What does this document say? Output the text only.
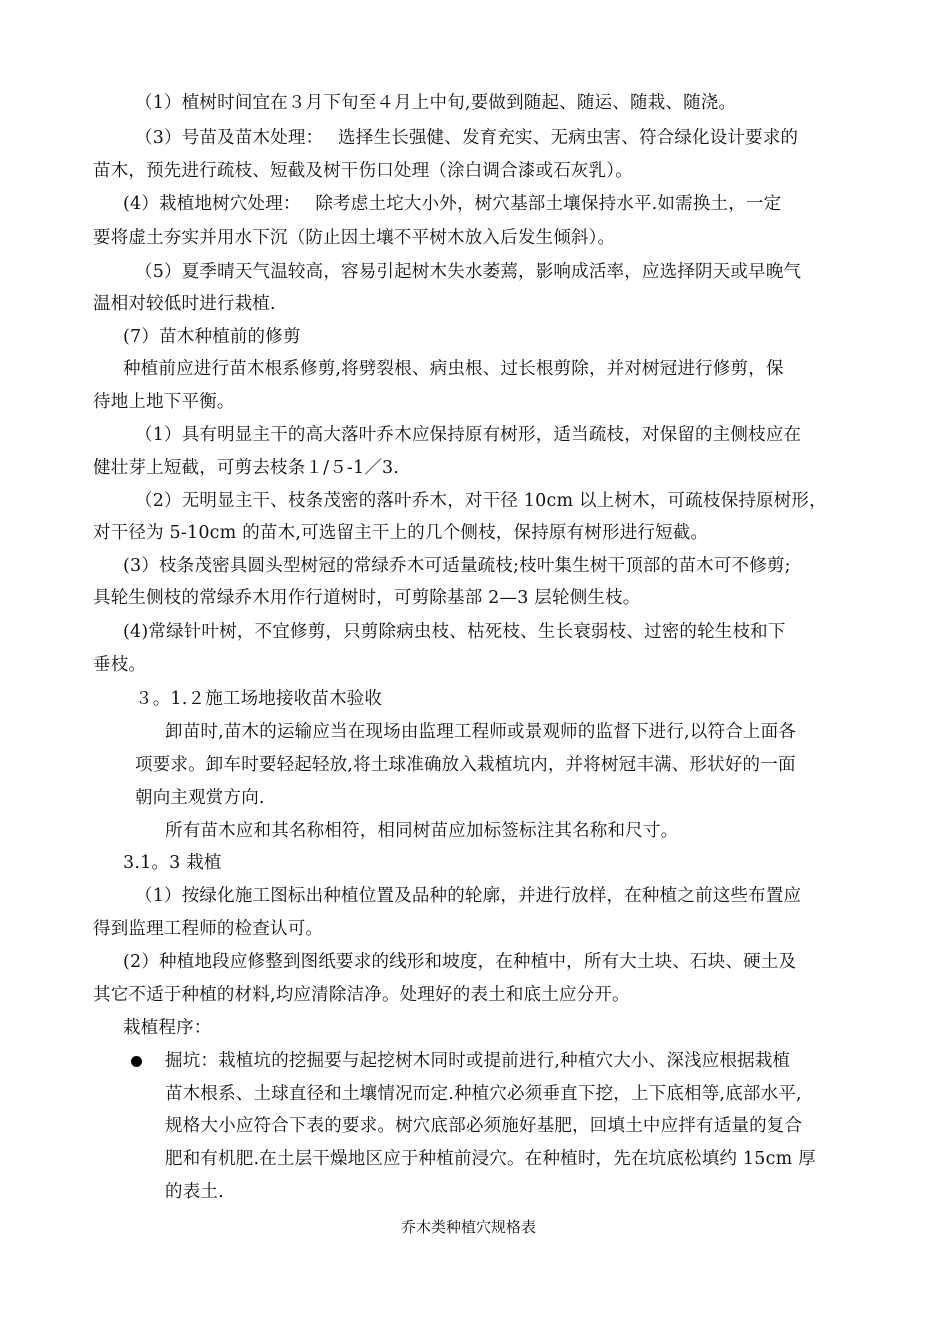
（1）植树时间宜在３月下旬至４月上中旬,要做到随起、随运、随栽、随浇。
（3）号苗及苗木处理：　 选择生长强健、发育充实、无病虫害、符合绿化设计要求的
苗木，预先进行疏枝、短截及树干伤口处理（涂白调合漆或石灰乳）。
(4）栽植地树穴处理：　 除考虑土坨大小外，树穴基部土壤保持水平.如需换土，一定
要将虚土夯实并用水下沉（防止因土壤不平树木放入后发生倾斜）。
（5）夏季晴天气温较高，容易引起树木失水萎蔫，影响成活率，应选择阴天或早晚气
温相对较低时进行栽植.
(7）苗木种植前的修剪
种植前应进行苗木根系修剪,将劈裂根、病虫根、过长根剪除，并对树冠进行修剪，保
待地上地下平衡。
（1）具有明显主干的高大落叶乔木应保持原有树形，适当疏枝，对保留的主侧枝应在
健壮芽上短截，可剪去枝条１/５-1／3.
（2）无明显主干、枝条茂密的落叶乔木，对干径 10cm 以上树木，可疏枝保持原树形，
对干径为 5-10cm 的苗木,可选留主干上的几个侧枝，保持原有树形进行短截。
(3）枝条茂密具圆头型树冠的常绿乔木可适量疏枝;枝叶集生树干顶部的苗木可不修剪;
具轮生侧枝的常绿乔木用作行道树时，可剪除基部 2—3 层轮侧生枝。
(4)常绿针叶树，不宜修剪，只剪除病虫枝、枯死枝、生长衰弱枝、过密的轮生枝和下
垂枝。
３。1.２施工场地接收苗木验收
卸苗时,苗木的运输应当在现场由监理工程师或景观师的监督下进行,以符合上面各
项要求。卸车时要轻起轻放,将土球准确放入栽植坑内，并将树冠丰满、形状好的一面
朝向主观赏方向.
所有苗木应和其名称相符，相同树苗应加标签标注其名称和尺寸。
3.1。3 栽植
（1）按绿化施工图标出种植位置及品种的轮廓，并进行放样，在种植之前这些布置应
得到监理工程师的检查认可。
(2）种植地段应修整到图纸要求的线形和坡度，在种植中，所有大土块、石块、硬土及
其它不适于种植的材料,均应清除洁净。处理好的表土和底土应分开。
栽植程序：
掘坑：栽植坑的挖掘要与起挖树木同时或提前进行,种植穴大小、深浅应根据栽植
苗木根系、土球直径和土壤情况而定.种植穴必须垂直下挖，上下底相等,底部水平,
规格大小应符合下表的要求。树穴底部必须施好基肥，回填土中应拌有适量的复合
肥和有机肥.在土层干燥地区应于种植前浸穴。在种植时，先在坑底松填约 15cm 厚
的表土.
乔木类种植穴规格表
